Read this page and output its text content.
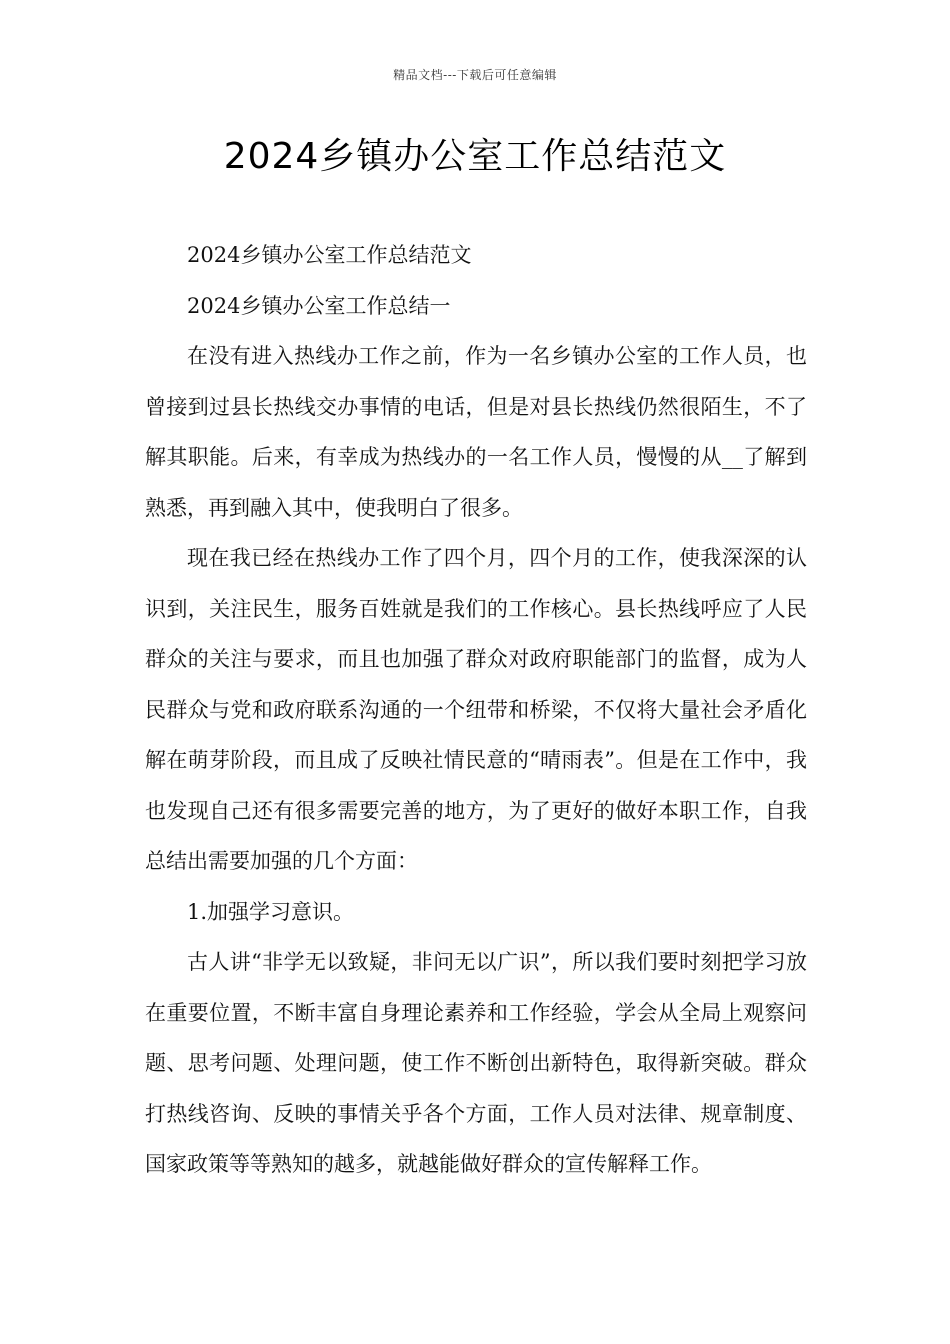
精品文档---下载后可任意编辑
2024乡镇办公室工作总结范文

2024乡镇办公室工作总结范文

2024乡镇办公室工作总结一

在没有进入热线办工作之前，作为一名乡镇办公室的工作人员，也曾接到过县长热线交办事情的电话，但是对县长热线仍然很陌生，不了解其职能。后来，有幸成为热线办的一名工作人员，慢慢的从__了解到熟悉，再到融入其中，使我明白了很多。

现在我已经在热线办工作了四个月，四个月的工作，使我深深的认识到，关注民生，服务百姓就是我们的工作核心。县长热线呼应了人民群众的关注与要求，而且也加强了群众对政府职能部门的监督，成为人民群众与党和政府联系沟通的一个纽带和桥梁，不仅将大量社会矛盾化解在萌芽阶段，而且成了反映社情民意的“晴雨表”。但是在工作中，我也发现自己还有很多需要完善的地方，为了更好的做好本职工作，自我总结出需要加强的几个方面：

1.加强学习意识。

古人讲“非学无以致疑，非问无以广识”，所以我们要时刻把学习放在重要位置，不断丰富自身理论素养和工作经验，学会从全局上观察问题、思考问题、处理问题，使工作不断创出新特色，取得新突破。群众打热线咨询、反映的事情关乎各个方面，工作人员对法律、规章制度、国家政策等等熟知的越多，就越能做好群众的宣传解释工作。
